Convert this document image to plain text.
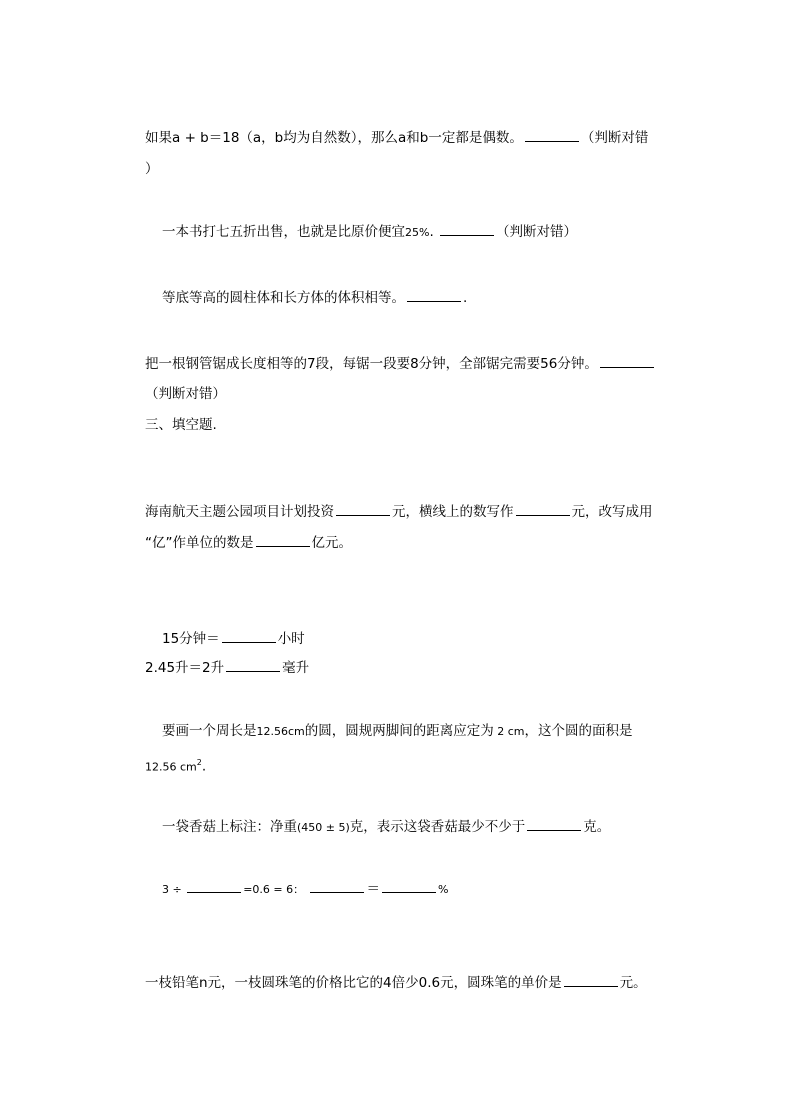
如果a + b＝18（a，b均为自然数），那么a和b一定都是偶数。	（判断对错
）
一本书打七五折出售，也就是比原价便宜25%.	（判断对错）
等底等高的圆柱体和长方体的体积相等。	.
把一根钢管锯成长度相等的7段，每锯一段要8分钟，全部锯完需要56分钟。
（判断对错）
三、填空题.
海南航天主题公园项目计划投资	元，横线上的数写作	元，改写成用
“亿”作单位的数是	亿元。
15分钟＝	小时
2.45升＝2升	毫升
要画一个周长是12.56cm的圆，圆规两脚间的距离应定为 2 cm，这个圆的面积是
12.56 $cm^2$.
一袋香菇上标注：净重(450 ± 5)克，表示这袋香菇最少不少于	克。
3 ÷	=0.6 = 6：	＝	%
一枝铅笔n元，一枝圆珠笔的价格比它的4倍少0.6元，圆珠笔的单价是	元。
